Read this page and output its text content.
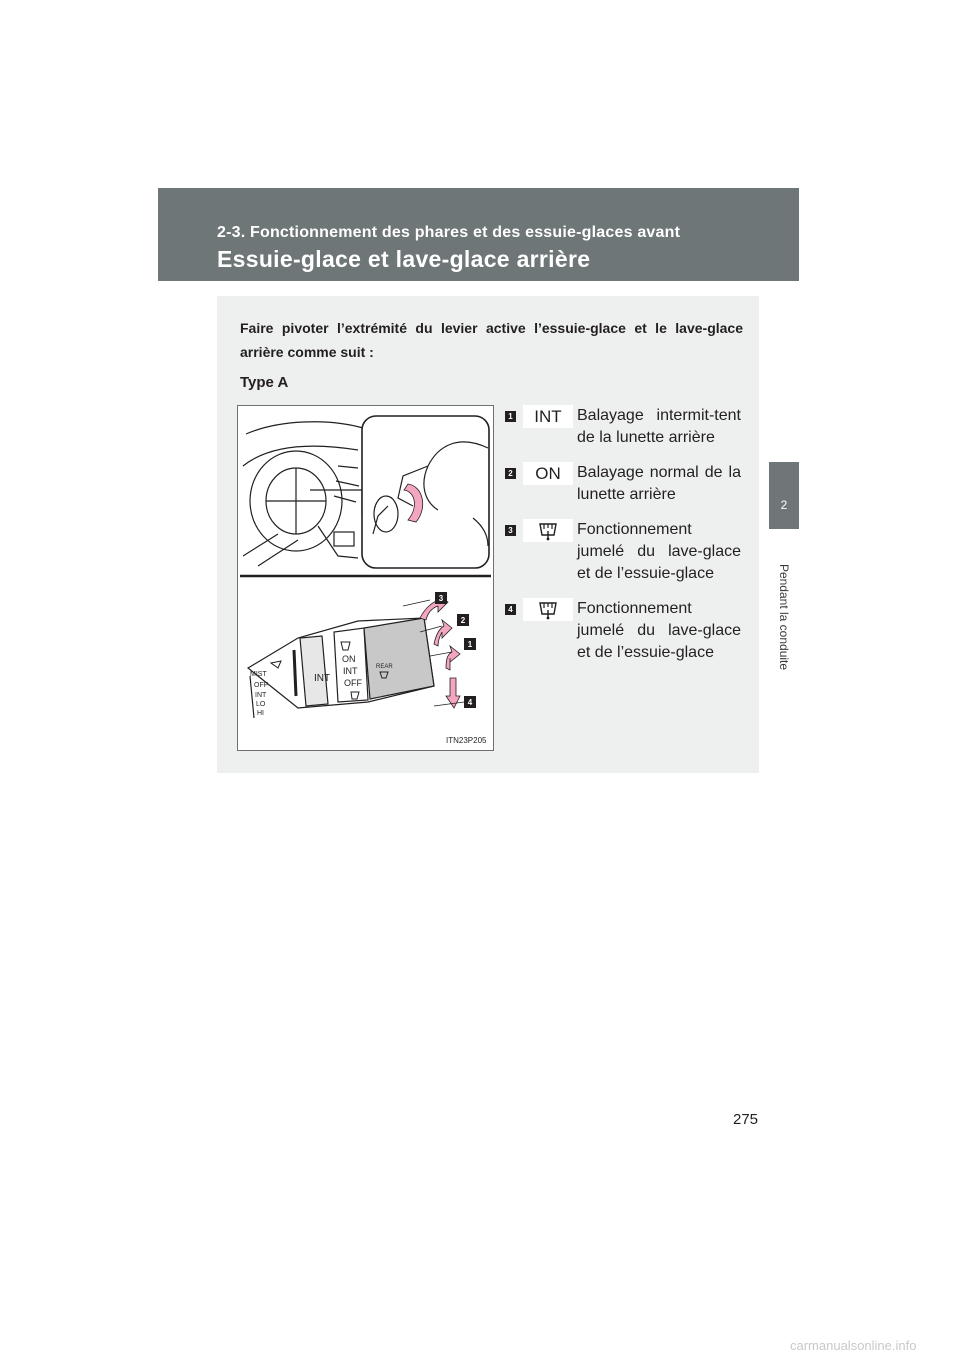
2-3. Fonctionnement des phares et des essuie-glaces avant
Essuie-glace et lave-glace arrière
2
Pendant la conduite
Faire pivoter l’extrémité du levier active l’essuie-glace et le lave-glace arrière comme suit :
Type A
MIST
OFF
INT
LO
HI
INT
ON
INT
OFF
REAR
3
2
1
4
ITN23P205
1	INT Balayage intermit-tent de la lunette arrière
2	ON	Balayage normal de la lunette arrière
3	Fonctionnement jumelé du lave-glace et de l’essuie-glace
4	Fonctionnement jumelé du lave-glace et de l’essuie-glace
275
carmanualsonline.info
